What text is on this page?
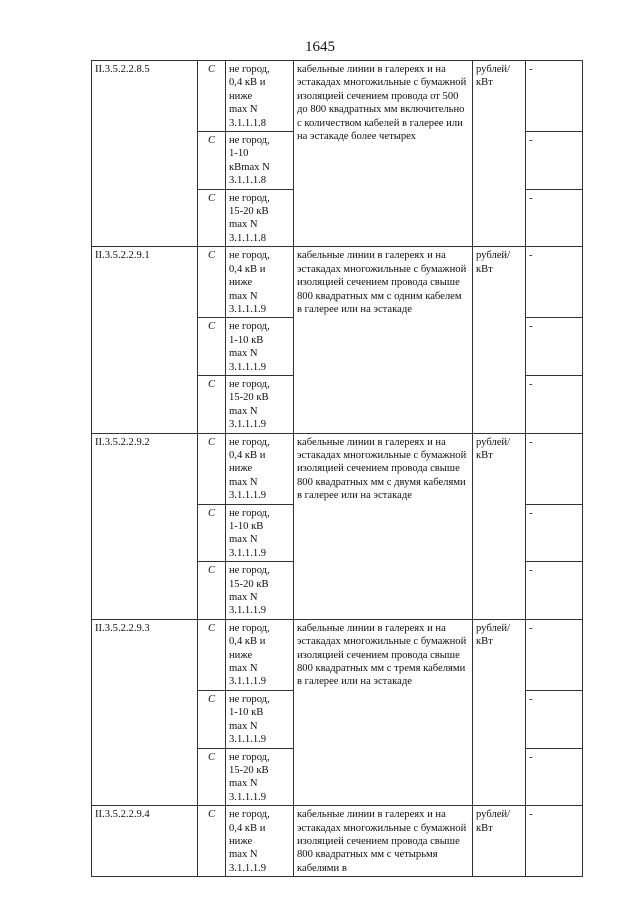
1645
II.3.5.2.2.8.5	С	не город,
0,4 кВ и
ниже
max N
3.1.1.1.8	кабельные линии в галереях и на эстакадах многожильные с бумажной изоляцией сечением провода от 500 до 800 квадратных мм включительно с количеством кабелей в галерее или на эстакаде более четырех	рублей/ кВт	-
	С	не город,
1-10
кВmax N
3.1.1.1.8			-
	С	не город,
15-20 кВ
max N
3.1.1.1.8			-
II.3.5.2.2.9.1	С	не город,
0,4 кВ и
ниже
max N
3.1.1.1.9	кабельные линии в галереях и на эстакадах многожильные с бумажной изоляцией сечением провода свыше 800 квадратных мм с одним кабелем в галерее или на эстакаде	рублей/ кВт	-
	С	не город,
1-10 кВ
max N
3.1.1.1.9			-
	С	не город,
15-20 кВ
max N
3.1.1.1.9			-
II.3.5.2.2.9.2	С	не город,
0,4 кВ и
ниже
max N
3.1.1.1.9	кабельные линии в галереях и на эстакадах многожильные с бумажной изоляцией сечением провода свыше 800 квадратных мм с двумя кабелями в галерее или на эстакаде	рублей/ кВт	-
	С	не город,
1-10 кВ
max N
3.1.1.1.9			-
	С	не город,
15-20 кВ
max N
3.1.1.1.9			-
II.3.5.2.2.9.3	С	не город,
0,4 кВ и
ниже
max N
3.1.1.1.9	кабельные линии в галереях и на эстакадах многожильные с бумажной изоляцией сечением провода свыше 800 квадратных мм с тремя кабелями в галерее или на эстакаде	рублей/ кВт	-
	С	не город,
1-10 кВ
max N
3.1.1.1.9			-
	С	не город,
15-20 кВ
max N
3.1.1.1.9			-
II.3.5.2.2.9.4	С	не город,
0,4 кВ и
ниже
max N
3.1.1.1.9	кабельные линии в галереях и на эстакадах многожильные с бумажной изоляцией сечением провода свыше 800 квадратных мм с четырьмя кабелями в	рублей/ кВт	-
